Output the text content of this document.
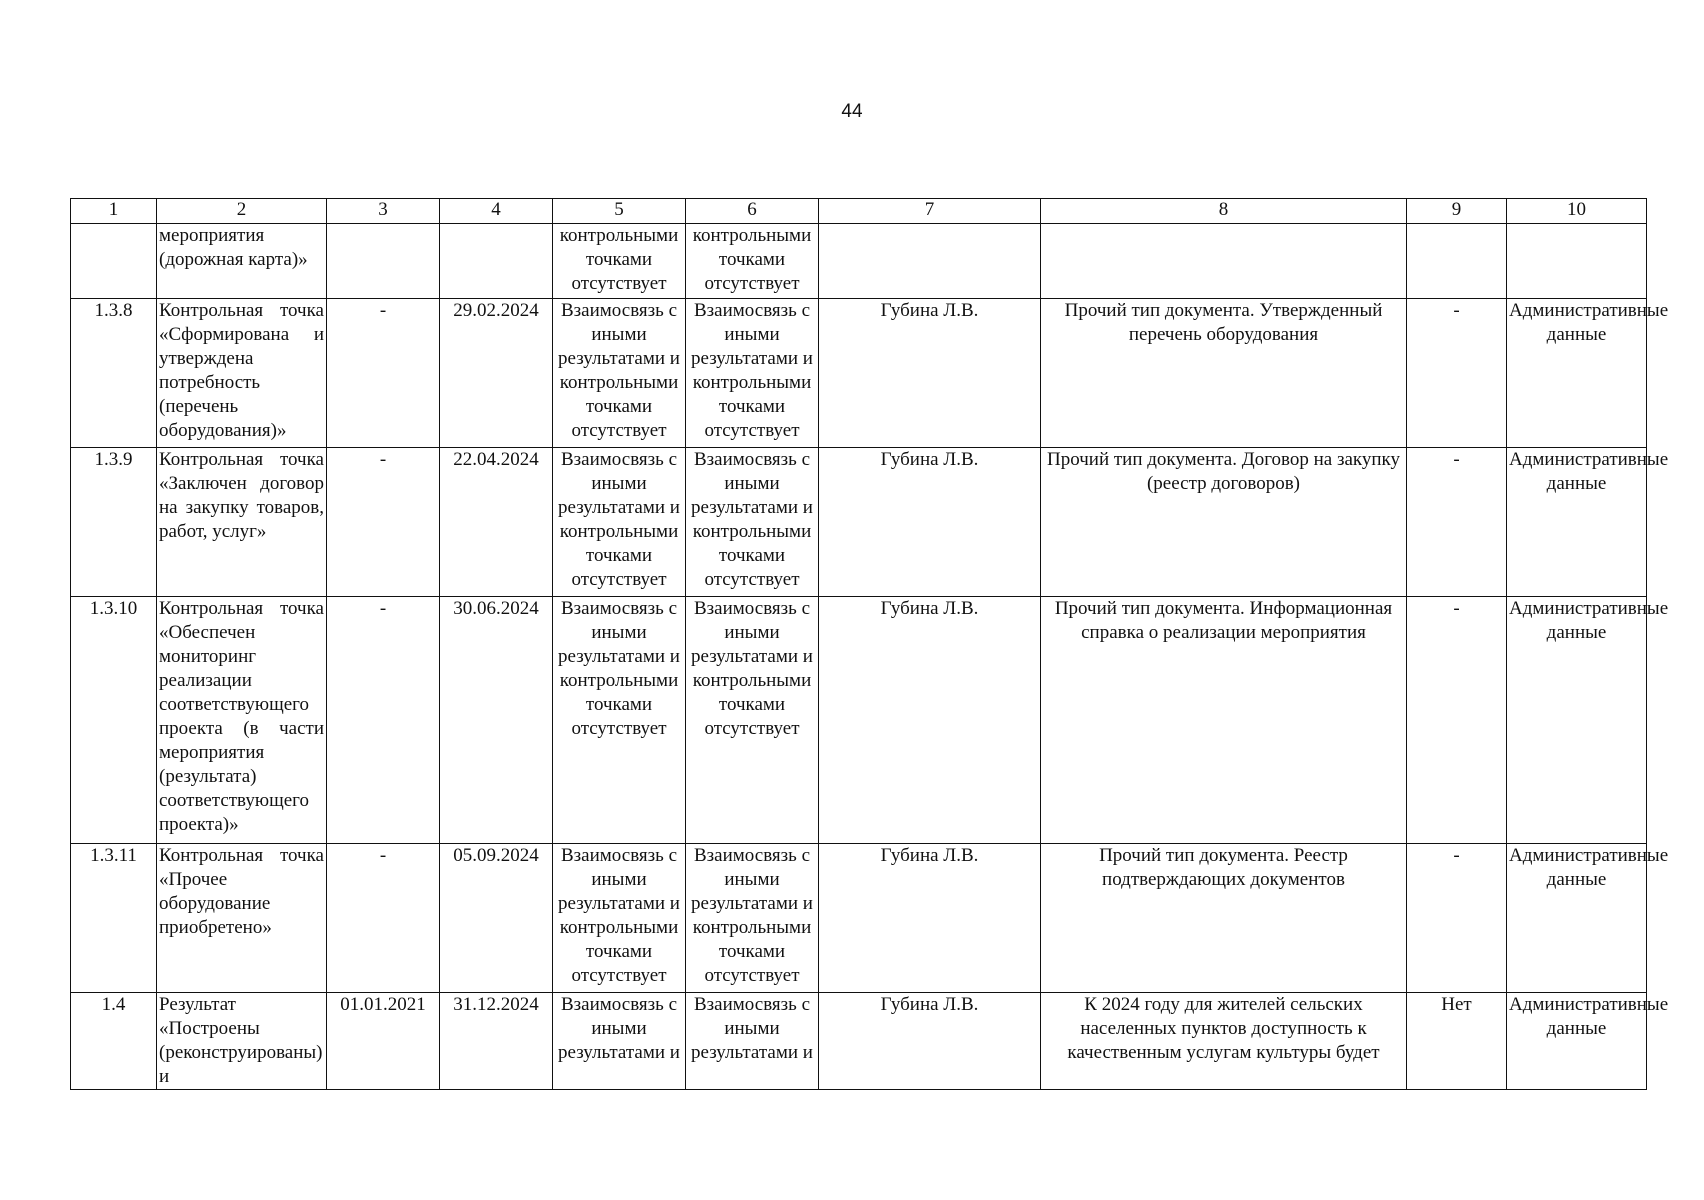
44
1	2	3	4	5	6	7	8	9	10
	мероприятия (дорожная карта)»			контрольными точками отсутствует	контрольными точками отсутствует				
1.3.8	Контрольная точка «Сформирована и утверждена потребность (перечень оборудования)»	-	29.02.2024	Взаимосвязь с иными результатами и контрольными точками отсутствует	Взаимосвязь с иными результатами и контрольными точками отсутствует	Губина Л.В.	Прочий тип документа. Утвержденный перечень оборудования	-	Административные данные
1.3.9	Контрольная точка «Заключен договор на закупку товаров, работ, услуг»	-	22.04.2024	Взаимосвязь с иными результатами и контрольными точками отсутствует	Взаимосвязь с иными результатами и контрольными точками отсутствует	Губина Л.В.	Прочий тип документа. Договор на закупку (реестр договоров)	-	Административные данные
1.3.10	Контрольная точка «Обеспечен мониторинг реализации соответствующего проекта (в части мероприятия (результата) соответствующего проекта)»	-	30.06.2024	Взаимосвязь с иными результатами и контрольными точками отсутствует	Взаимосвязь с иными результатами и контрольными точками отсутствует	Губина Л.В.	Прочий тип документа. Информационная справка о реализации мероприятия	-	Административные данные
1.3.11	Контрольная точка «Прочее оборудование приобретено»	-	05.09.2024	Взаимосвязь с иными результатами и контрольными точками отсутствует	Взаимосвязь с иными результатами и контрольными точками отсутствует	Губина Л.В.	Прочий тип документа. Реестр подтверждающих документов	-	Административные данные
1.4	Результат «Построены (реконструированы) и	01.01.2021	31.12.2024	Взаимосвязь с иными результатами и	Взаимосвязь с иными результатами и	Губина Л.В.	К 2024 году для жителей сельских населенных пунктов доступность к качественным услугам культуры будет	Нет	Административные данные
